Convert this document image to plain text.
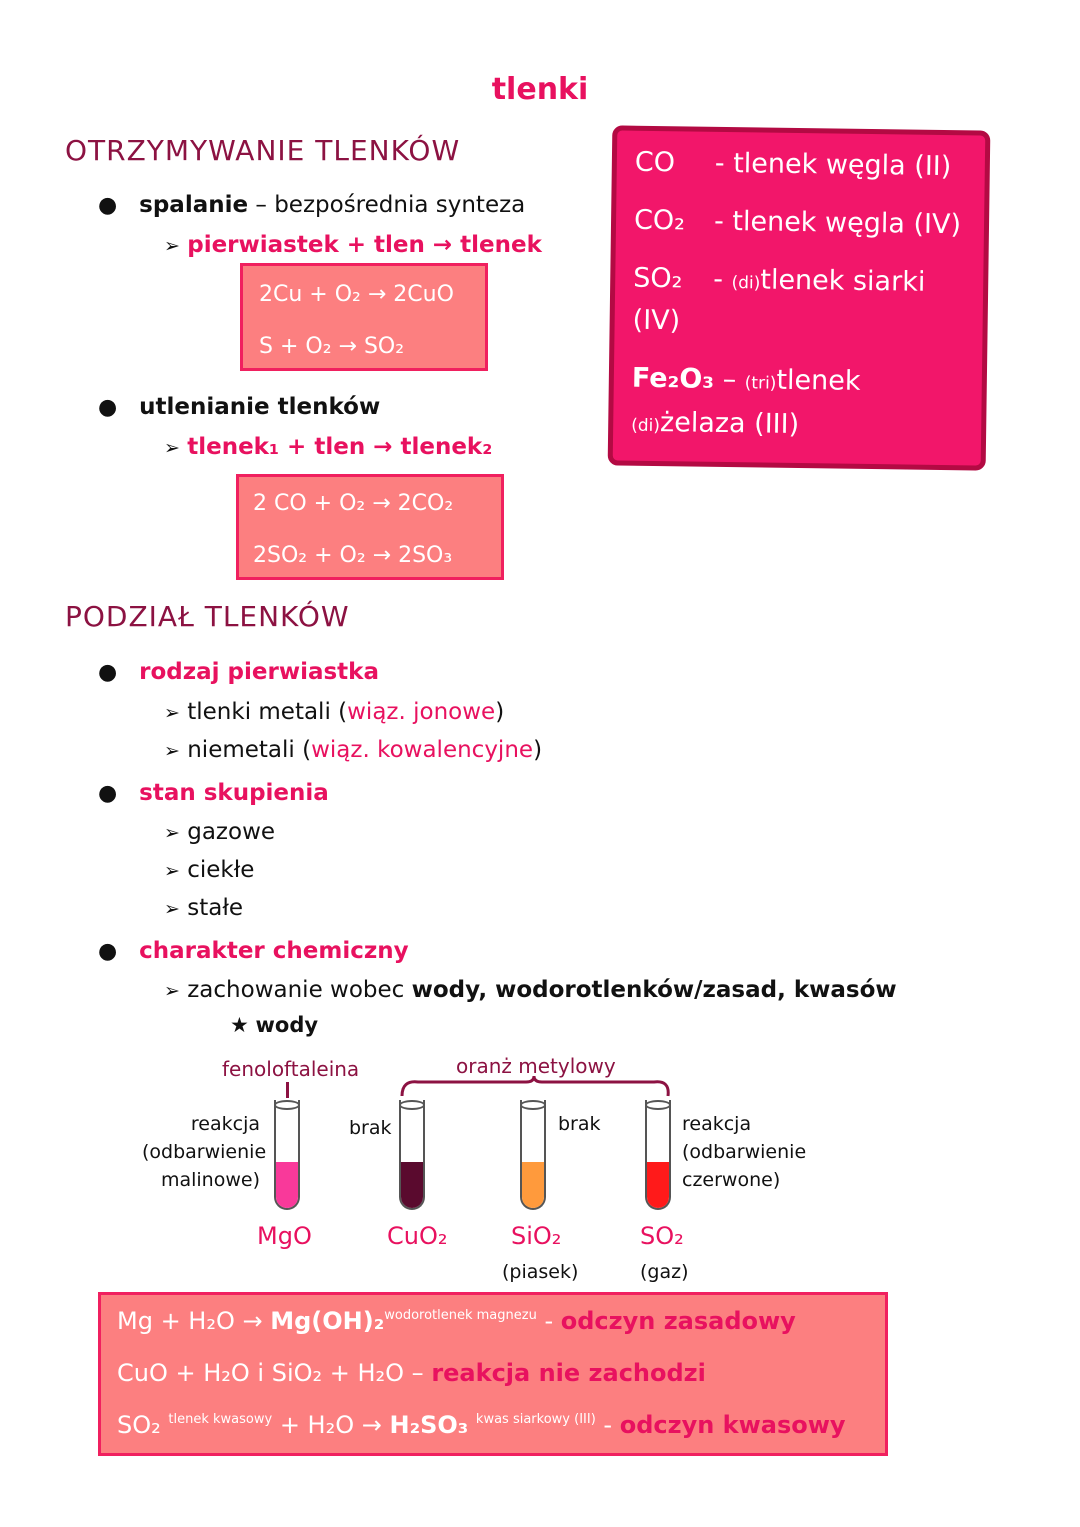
tlenki
OTRZYMYWANIE TLENKÓW
● spalanie – bezpośrednia synteza
➢ pierwiastek + tlen → tlenek
2Cu + O₂ → 2CuO
S + O₂ → SO₂
● utlenianie tlenków
➢ tlenek₁ + tlen → tlenek₂
2 CO + O₂ → 2CO₂
2SO₂ + O₂ → 2SO₃
CO - tlenek węgla (II)
CO₂ - tlenek węgla (IV)
SO₂ - (di)tlenek siarki
(IV)
Fe₂O₃ – (tri)tlenek
(di)żelaza (III)
PODZIAŁ TLENKÓW
● rodzaj pierwiastka
➢ tlenki metali (wiąz. jonowe)
➢ niemetali (wiąz. kowalencyjne)
● stan skupienia
➢ gazowe
➢ ciekłe
➢ stałe
● charakter chemiczny
➢ zachowanie wobec wody, wodorotlenków/zasad, kwasów
★ wody
fenoloftaleina	oranż metylowy
reakcja
(odbarwienie
malinowe)
brak	brak	reakcja
(odbarwienie
czerwone)
MgO	CuO₂	SiO₂	SO₂
(piasek)	(gaz)
Mg + H₂O → Mg(OH)₂$^{wodorotlenek magnezu}$ - odczyn zasadowy
CuO + H₂O i SiO₂ + H₂O – reakcja nie zachodzi
SO₂ $^{tlenek kwasowy}$ + H₂O → H₂SO₃ $^{kwas siarkowy (III)}$ - odczyn kwasowy
